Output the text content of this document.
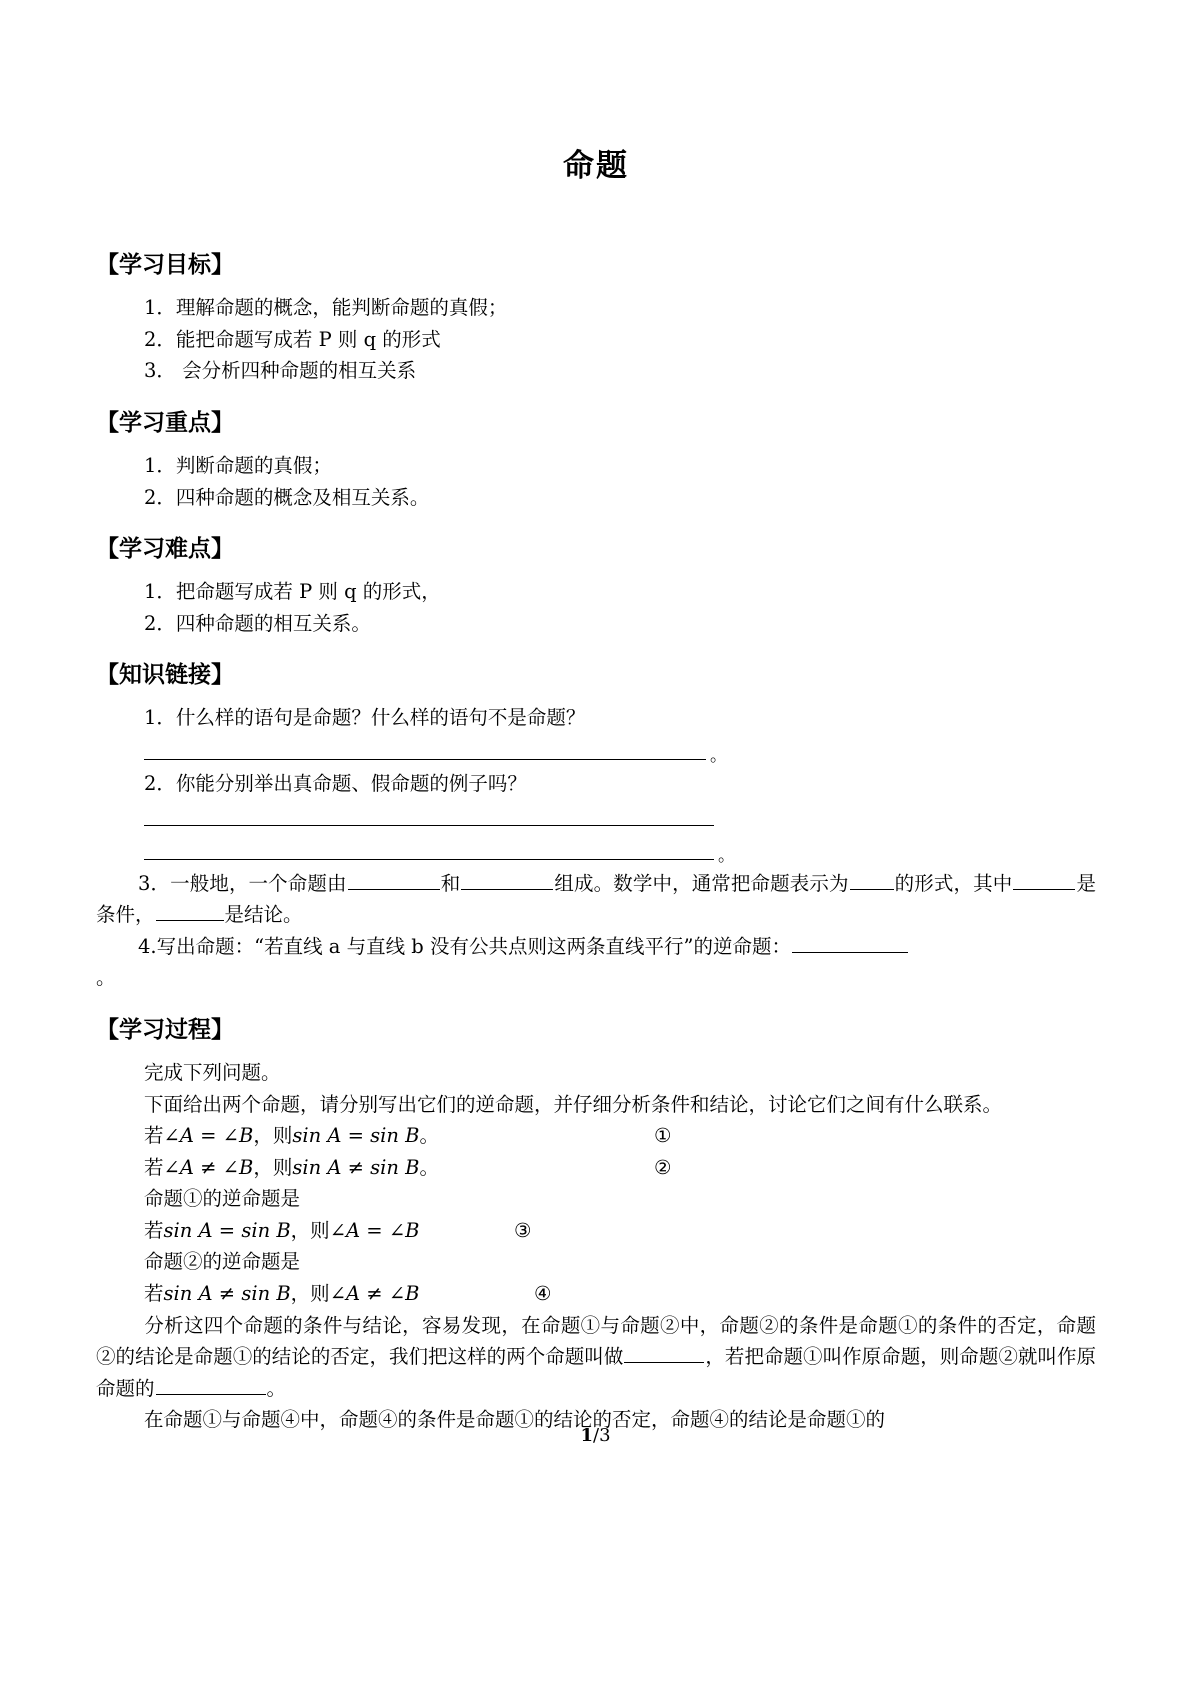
命题
【学习目标】
1．理解命题的概念，能判断命题的真假；
2．能把命题写成若 P 则 q 的形式
3． 会分析四种命题的相互关系
【学习重点】
1．判断命题的真假；
2．四种命题的概念及相互关系。
【学习难点】
1．把命题写成若 P 则 q 的形式，
2．四种命题的相互关系。
【知识链接】
1．什么样的语句是命题？什么样的语句不是命题？
。
2．你能分别举出真命题、假命题的例子吗？
。
3．一般地，一个命题由	和	组成。数学中，通常把命题表示为 的形式，其中	是条件，	是结论。
4.写出命题：“若直线 a 与直线 b 没有公共点则这两条直线平行”的逆命题：
。
【学习过程】
完成下列问题。
下面给出两个命题，请分别写出它们的逆命题，并仔细分析条件和结论，讨论它们之间有什么联系。
若∠A = ∠B，则sin A = sin B。	①
若∠A ≠ ∠B，则sin A ≠ sin B。	②
命题①的逆命题是
若sin A = sin B，则∠A = ∠B	③
命题②的逆命题是
若sin A ≠ sin B，则∠A ≠ ∠B	④
分析这四个命题的条件与结论，容易发现，在命题①与命题②中，命题②的条件是命题①的条件的否定，命题②的结论是命题①的结论的否定，我们把这样的两个命题叫做	，若把命题①叫作原命题，则命题②就叫作原命题的	。
在命题①与命题④中，命题④的条件是命题①的结论的否定，命题④的结论是命题①的
1/3
